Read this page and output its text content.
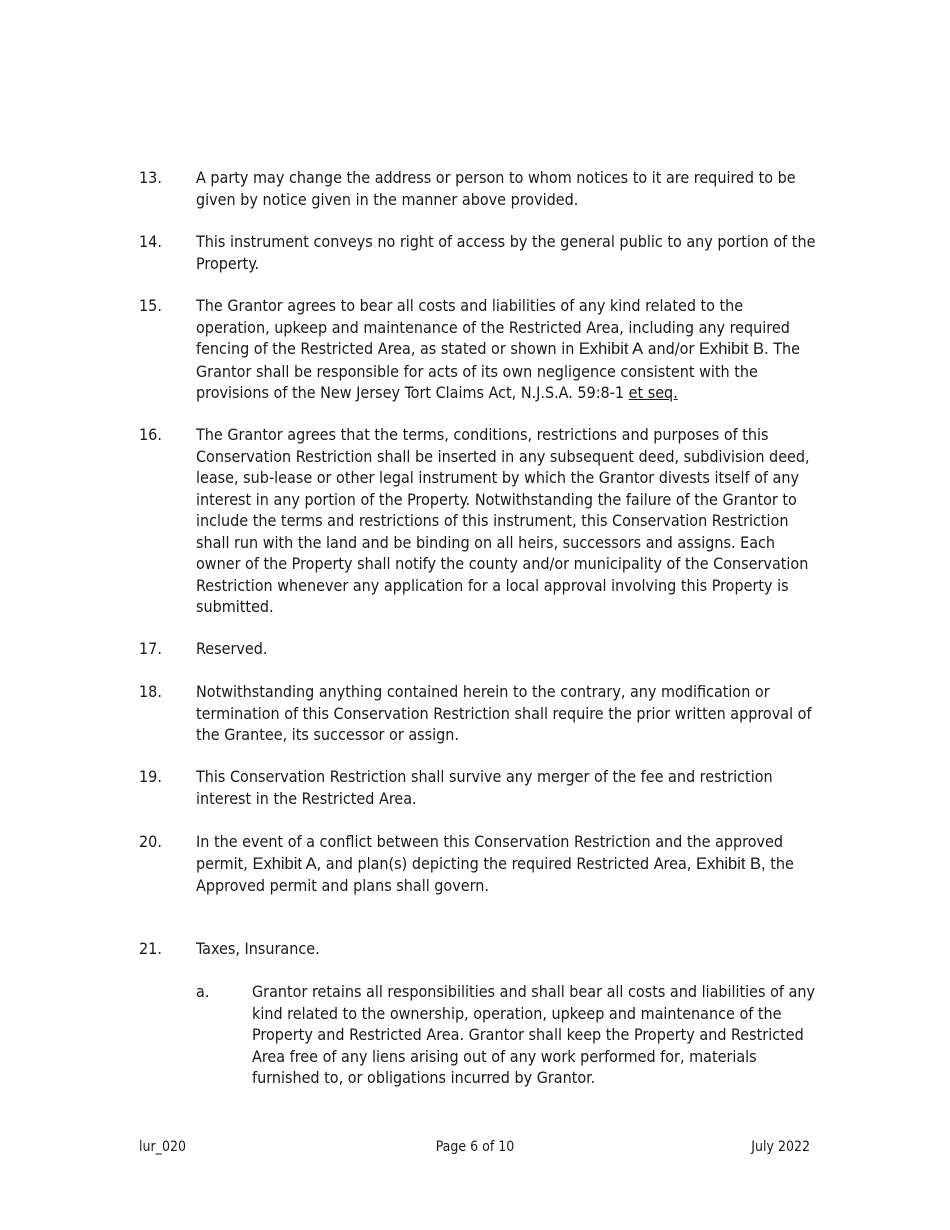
13.	A party may change the address or person to whom notices to it are required to be given by notice given in the manner above provided.
14.	This instrument conveys no right of access by the general public to any portion of the Property.
15.	The Grantor agrees to bear all costs and liabilities of any kind related to the operation, upkeep and maintenance of the Restricted Area, including any required fencing of the Restricted Area, as stated or shown in Exhibit A and/or Exhibit B. The Grantor shall be responsible for acts of its own negligence consistent with the provisions of the New Jersey Tort Claims Act, N.J.S.A. 59:8-1 et seq.
16.	The Grantor agrees that the terms, conditions, restrictions and purposes of this Conservation Restriction shall be inserted in any subsequent deed, subdivision deed, lease, sub-lease or other legal instrument by which the Grantor divests itself of any interest in any portion of the Property. Notwithstanding the failure of the Grantor to include the terms and restrictions of this instrument, this Conservation Restriction shall run with the land and be binding on all heirs, successors and assigns. Each owner of the Property shall notify the county and/or municipality of the Conservation Restriction whenever any application for a local approval involving this Property is submitted.
17.	Reserved.
18.	Notwithstanding anything contained herein to the contrary, any modification or termination of this Conservation Restriction shall require the prior written approval of the Grantee, its successor or assign.
19.	This Conservation Restriction shall survive any merger of the fee and restriction interest in the Restricted Area.
20.	In the event of a conflict between this Conservation Restriction and the approved permit, Exhibit A, and plan(s) depicting the required Restricted Area, Exhibit B, the Approved permit and plans shall govern.
21.	Taxes, Insurance.
a.	Grantor retains all responsibilities and shall bear all costs and liabilities of any kind related to the ownership, operation, upkeep and maintenance of the Property and Restricted Area. Grantor shall keep the Property and Restricted Area free of any liens arising out of any work performed for, materials furnished to, or obligations incurred by Grantor.
lur_020	Page 6 of 10	July 2022
